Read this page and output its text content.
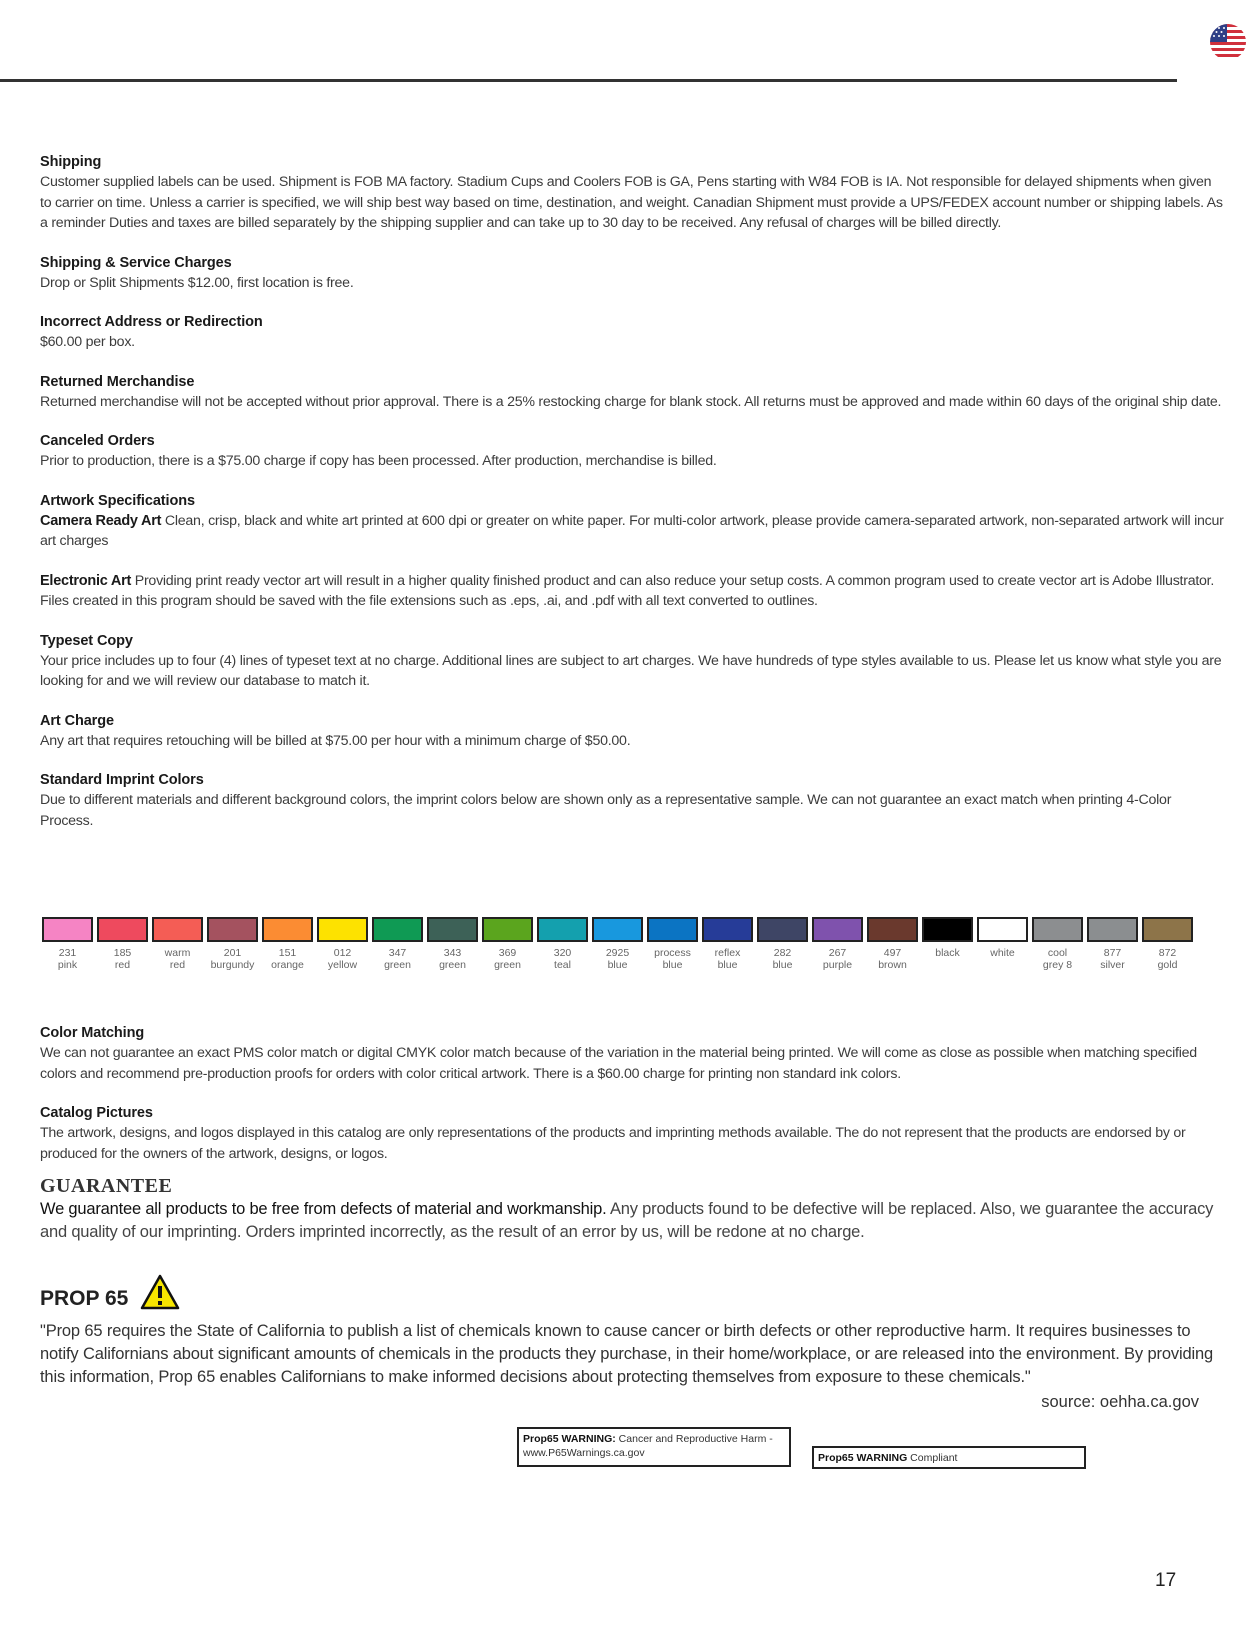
Shipping
Customer supplied labels can be used. Shipment is FOB MA factory. Stadium Cups and Coolers FOB is GA, Pens starting with W84 FOB is IA. Not responsible for delayed shipments when given to carrier on time. Unless a carrier is specified, we will ship best way based on time, destination, and weight. Canadian Shipment must provide a UPS/FEDEX account number or shipping labels. As a reminder Duties and taxes are billed separately by the shipping supplier and can take up to 30 day to be received. Any refusal of charges will be billed directly.
Shipping & Service Charges
Drop or Split Shipments $12.00, first location is free.
Incorrect Address or Redirection
$60.00 per box.
Returned Merchandise
Returned merchandise will not be accepted without prior approval. There is a 25% restocking charge for blank stock. All returns must be approved and made within 60 days of the original ship date.
Canceled Orders
Prior to production, there is a $75.00 charge if copy has been processed. After production, merchandise is billed.
Artwork Specifications
Camera Ready Art Clean, crisp, black and white art printed at 600 dpi or greater on white paper. For multi-color artwork, please provide camera-separated artwork, non-separated artwork will incur art charges
Electronic Art Providing print ready vector art will result in a higher quality finished product and can also reduce your setup costs. A common program used to create vector art is Adobe Illustrator. Files created in this program should be saved with the file extensions such as .eps, .ai, and .pdf with all text converted to outlines.
Typeset Copy
Your price includes up to four (4) lines of typeset text at no charge. Additional lines are subject to art charges. We have hundreds of type styles available to us. Please let us know what style you are looking for and we will review our database to match it.
Art Charge
Any art that requires retouching will be billed at $75.00 per hour with a minimum charge of $50.00.
Standard Imprint Colors
Due to different materials and different background colors, the imprint colors below are shown only as a representative sample. We can not guarantee an exact match when printing 4-Color Process.
231
pink
185
red
warm
red
201
burgundy
151
orange
012
yellow
347
green
343
green
369
green
320
teal
2925
blue
process
blue
reflex
blue
282
blue
267
purple
497
brown
black	white	cool
grey 8
877
silver
872
gold
Color Matching
We can not guarantee an exact PMS color match or digital CMYK color match because of the variation in the material being printed. We will come as close as possible when matching specified colors and recommend pre-production proofs for orders with color critical artwork. There is a $60.00 charge for printing non standard ink colors.
Catalog Pictures
The artwork, designs, and logos displayed in this catalog are only representations of the products and imprinting methods available. The do not represent that the products are endorsed by or produced for the owners of the artwork, designs, or logos.
GUARANTEE
We guarantee all products to be free from defects of material and workmanship. Any products found to be defective will be replaced. Also, we guarantee the accuracy and quality of our imprinting. Orders imprinted incorrectly, as the result of an error by us, will be redone at no charge.
PROP 65
"Prop 65 requires the State of California to publish a list of chemicals known to cause cancer or birth defects or other reproductive harm. It requires businesses to notify Californians about significant amounts of chemicals in the products they purchase, in their home/workplace, or are released into the environment. By providing this information, Prop 65 enables Californians to make informed decisions about protecting themselves from exposure to these chemicals."
source: oehha.ca.gov
Prop65 WARNING: Cancer and Reproductive Harm - www.P65Warnings.ca.gov	Prop65 WARNING Compliant
17
